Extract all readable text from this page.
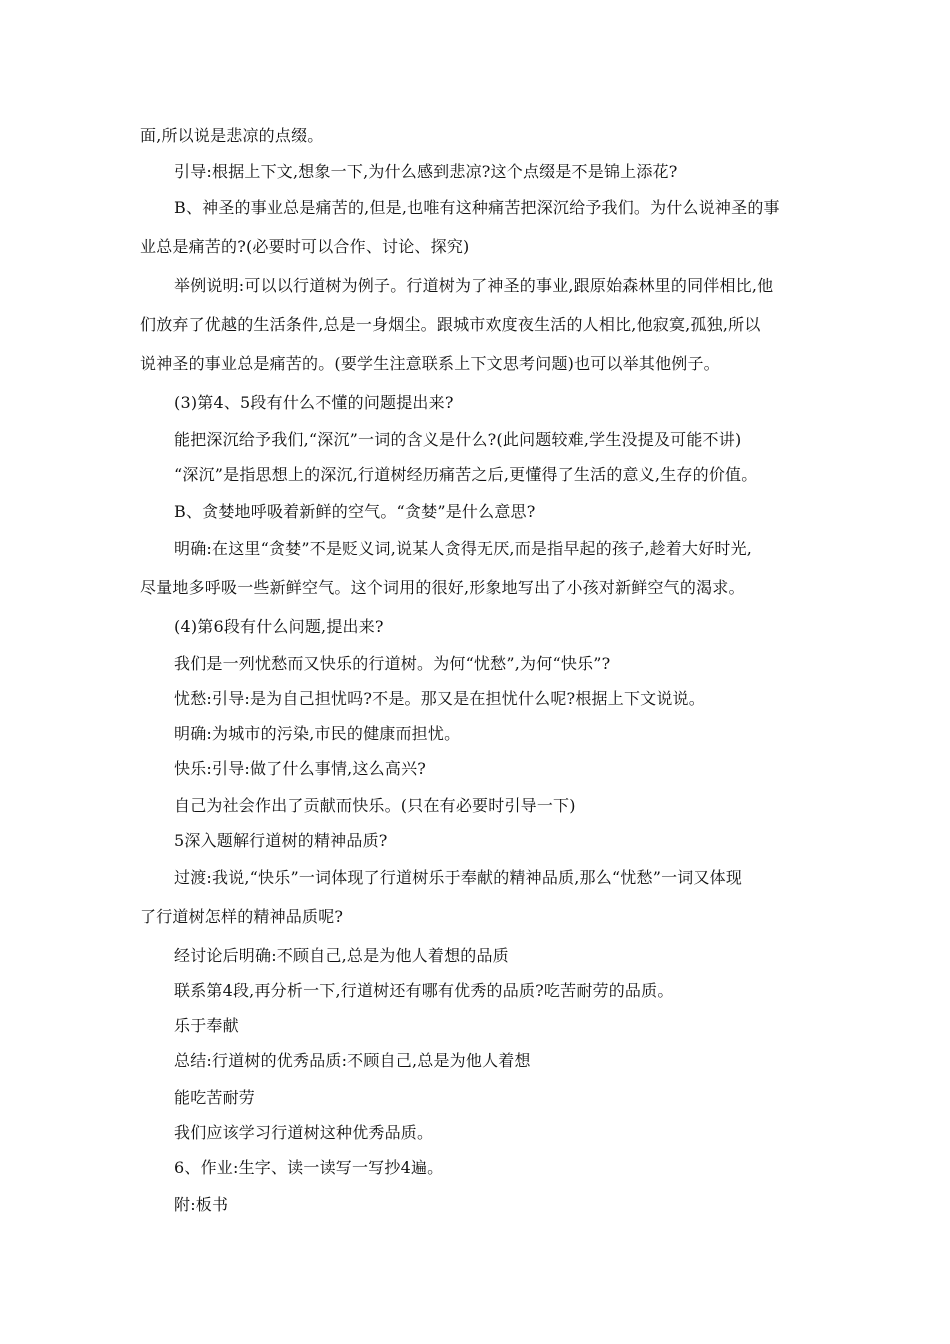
面,所以说是悲凉的点缀。
引导:根据上下文,想象一下,为什么感到悲凉?这个点缀是不是锦上添花?
B、神圣的事业总是痛苦的,但是,也唯有这种痛苦把深沉给予我们。为什么说神圣的事
业总是痛苦的?(必要时可以合作、讨论、探究)
举例说明:可以以行道树为例子。行道树为了神圣的事业,跟原始森林里的同伴相比,他
们放弃了优越的生活条件,总是一身烟尘。跟城市欢度夜生活的人相比,他寂寞,孤独,所以
说神圣的事业总是痛苦的。(要学生注意联系上下文思考问题)也可以举其他例子。
(3)第4、5段有什么不懂的问题提出来?
能把深沉给予我们,“深沉”一词的含义是什么?(此问题较难,学生没提及可能不讲)
“深沉”是指思想上的深沉,行道树经历痛苦之后,更懂得了生活的意义,生存的价值。
B、贪婪地呼吸着新鲜的空气。“贪婪”是什么意思?
明确:在这里“贪婪”不是贬义词,说某人贪得无厌,而是指早起的孩子,趁着大好时光,
尽量地多呼吸一些新鲜空气。这个词用的很好,形象地写出了小孩对新鲜空气的渴求。
(4)第6段有什么问题,提出来?
我们是一列忧愁而又快乐的行道树。为何“忧愁”,为何“快乐”?
忧愁:引导:是为自己担忧吗?不是。那又是在担忧什么呢?根据上下文说说。
明确:为城市的污染,市民的健康而担忧。
快乐:引导:做了什么事情,这么高兴?
自己为社会作出了贡献而快乐。(只在有必要时引导一下)
5深入题解行道树的精神品质?
过渡:我说,“快乐”一词体现了行道树乐于奉献的精神品质,那么“忧愁”一词又体现
了行道树怎样的精神品质呢?
经讨论后明确:不顾自己,总是为他人着想的品质
联系第4段,再分析一下,行道树还有哪有优秀的品质?吃苦耐劳的品质。
乐于奉献
总结:行道树的优秀品质:不顾自己,总是为他人着想
能吃苦耐劳
我们应该学习行道树这种优秀品质。
6、作业:生字、读一读写一写抄4遍。
附:板书
